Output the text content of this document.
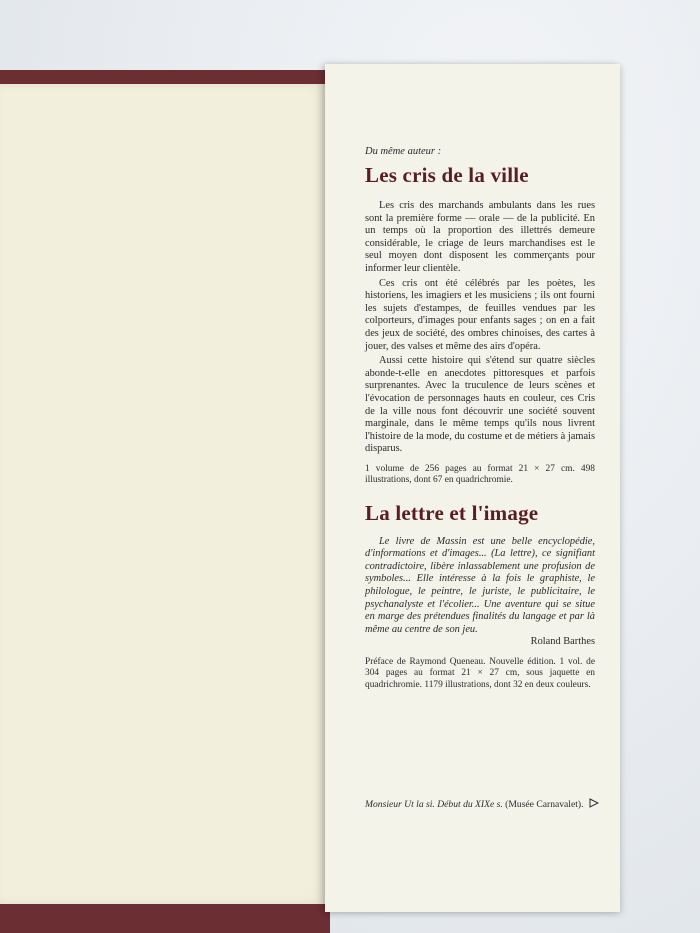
Du même auteur :

Les cris de la ville

Les cris des marchands ambulants dans les rues sont la première forme — orale — de la publicité. En un temps où la proportion des illettrés demeure considérable, le criage de leurs marchandises est le seul moyen dont disposent les commerçants pour informer leur clientèle.

Ces cris ont été célébrés par les poètes, les historiens, les imagiers et les musiciens ; ils ont fourni les sujets d'estampes, de feuilles vendues par les colporteurs, d'images pour enfants sages ; on en a fait des jeux de société, des ombres chinoises, des cartes à jouer, des valses et même des airs d'opéra.

Aussi cette histoire qui s'étend sur quatre siècles abonde-t-elle en anecdotes pittoresques et parfois surprenantes. Avec la truculence de leurs scènes et l'évocation de personnages hauts en couleur, ces Cris de la ville nous font découvrir une société souvent marginale, dans le même temps qu'ils nous livrent l'histoire de la mode, du costume et de métiers à jamais disparus.

1 volume de 256 pages au format 21 × 27 cm. 498 illustrations, dont 67 en quadrichromie.

La lettre et l'image

Le livre de Massin est une belle encyclopédie, d'informations et d'images... (La lettre), ce signifiant contradictoire, libère inlassablement une profusion de symboles... Elle intéresse à la fois le graphiste, le philologue, le peintre, le juriste, le publicitaire, le psychanalyste et l'écolier... Une aventure qui se situe en marge des prétendues finalités du langage et par là même au centre de son jeu.

Roland Barthes

Préface de Raymond Queneau. Nouvelle édition. 1 vol. de 304 pages au format 21 × 27 cm, sous jaquette en quadrichromie. 1179 illustrations, dont 32 en deux couleurs.

Monsieur Ut la si. Début du XIXe s. (Musée Carnavalet).
